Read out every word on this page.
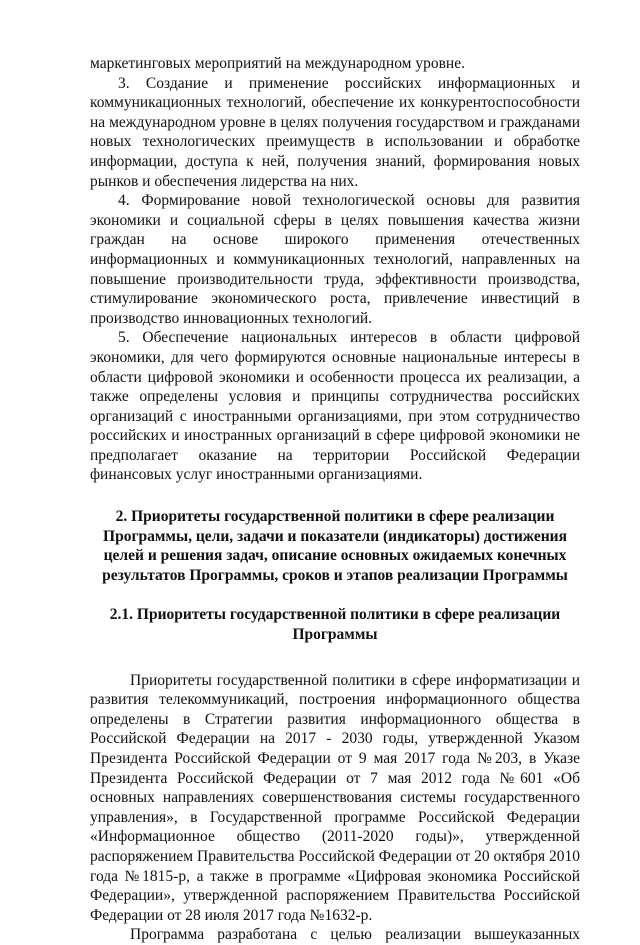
маркетинговых мероприятий на международном уровне.

3. Создание и применение российских информационных и коммуникационных технологий, обеспечение их конкурентоспособности на международном уровне в целях получения государством и гражданами новых технологических преимуществ в использовании и обработке информации, доступа к ней, получения знаний, формирования новых рынков и обеспечения лидерства на них.

4. Формирование новой технологической основы для развития экономики и социальной сферы в целях повышения качества жизни граждан на основе широкого применения отечественных информационных и коммуникационных технологий, направленных на повышение производительности труда, эффективности производства, стимулирование экономического роста, привлечение инвестиций в производство инновационных технологий.

5. Обеспечение национальных интересов в области цифровой экономики, для чего формируются основные национальные интересы в области цифровой экономики и особенности процесса их реализации, а также определены условия и принципы сотрудничества российских организаций с иностранными организациями, при этом сотрудничество российских и иностранных организаций в сфере цифровой экономики не предполагает оказание на территории Российской Федерации финансовых услуг иностранными организациями.

2. Приоритеты государственной политики в сфере реализации Программы, цели, задачи и показатели (индикаторы) достижения целей и решения задач, описание основных ожидаемых конечных результатов Программы, сроков и этапов реализации Программы
2.1. Приоритеты государственной политики в сфере реализации Программы

Приоритеты государственной политики в сфере информатизации и развития телекоммуникаций, построения информационного общества определены в Стратегии развития информационного общества в Российской Федерации на 2017 - 2030 годы, утвержденной Указом Президента Российской Федерации от 9 мая 2017 года №203, в Указе Президента Российской Федерации от 7 мая 2012 года №601 «Об основных направлениях совершенствования системы государственного управления», в Государственной программе Российской Федерации «Информационное общество (2011-2020 годы)», утвержденной распоряжением Правительства Российской Федерации от 20 октября 2010 года №1815-р, а также в программе «Цифровая экономика Российской Федерации», утвержденной распоряжением Правительства Российской Федерации от 28 июля 2017 года №1632-р.

Программа разработана с целью реализации вышеуказанных
